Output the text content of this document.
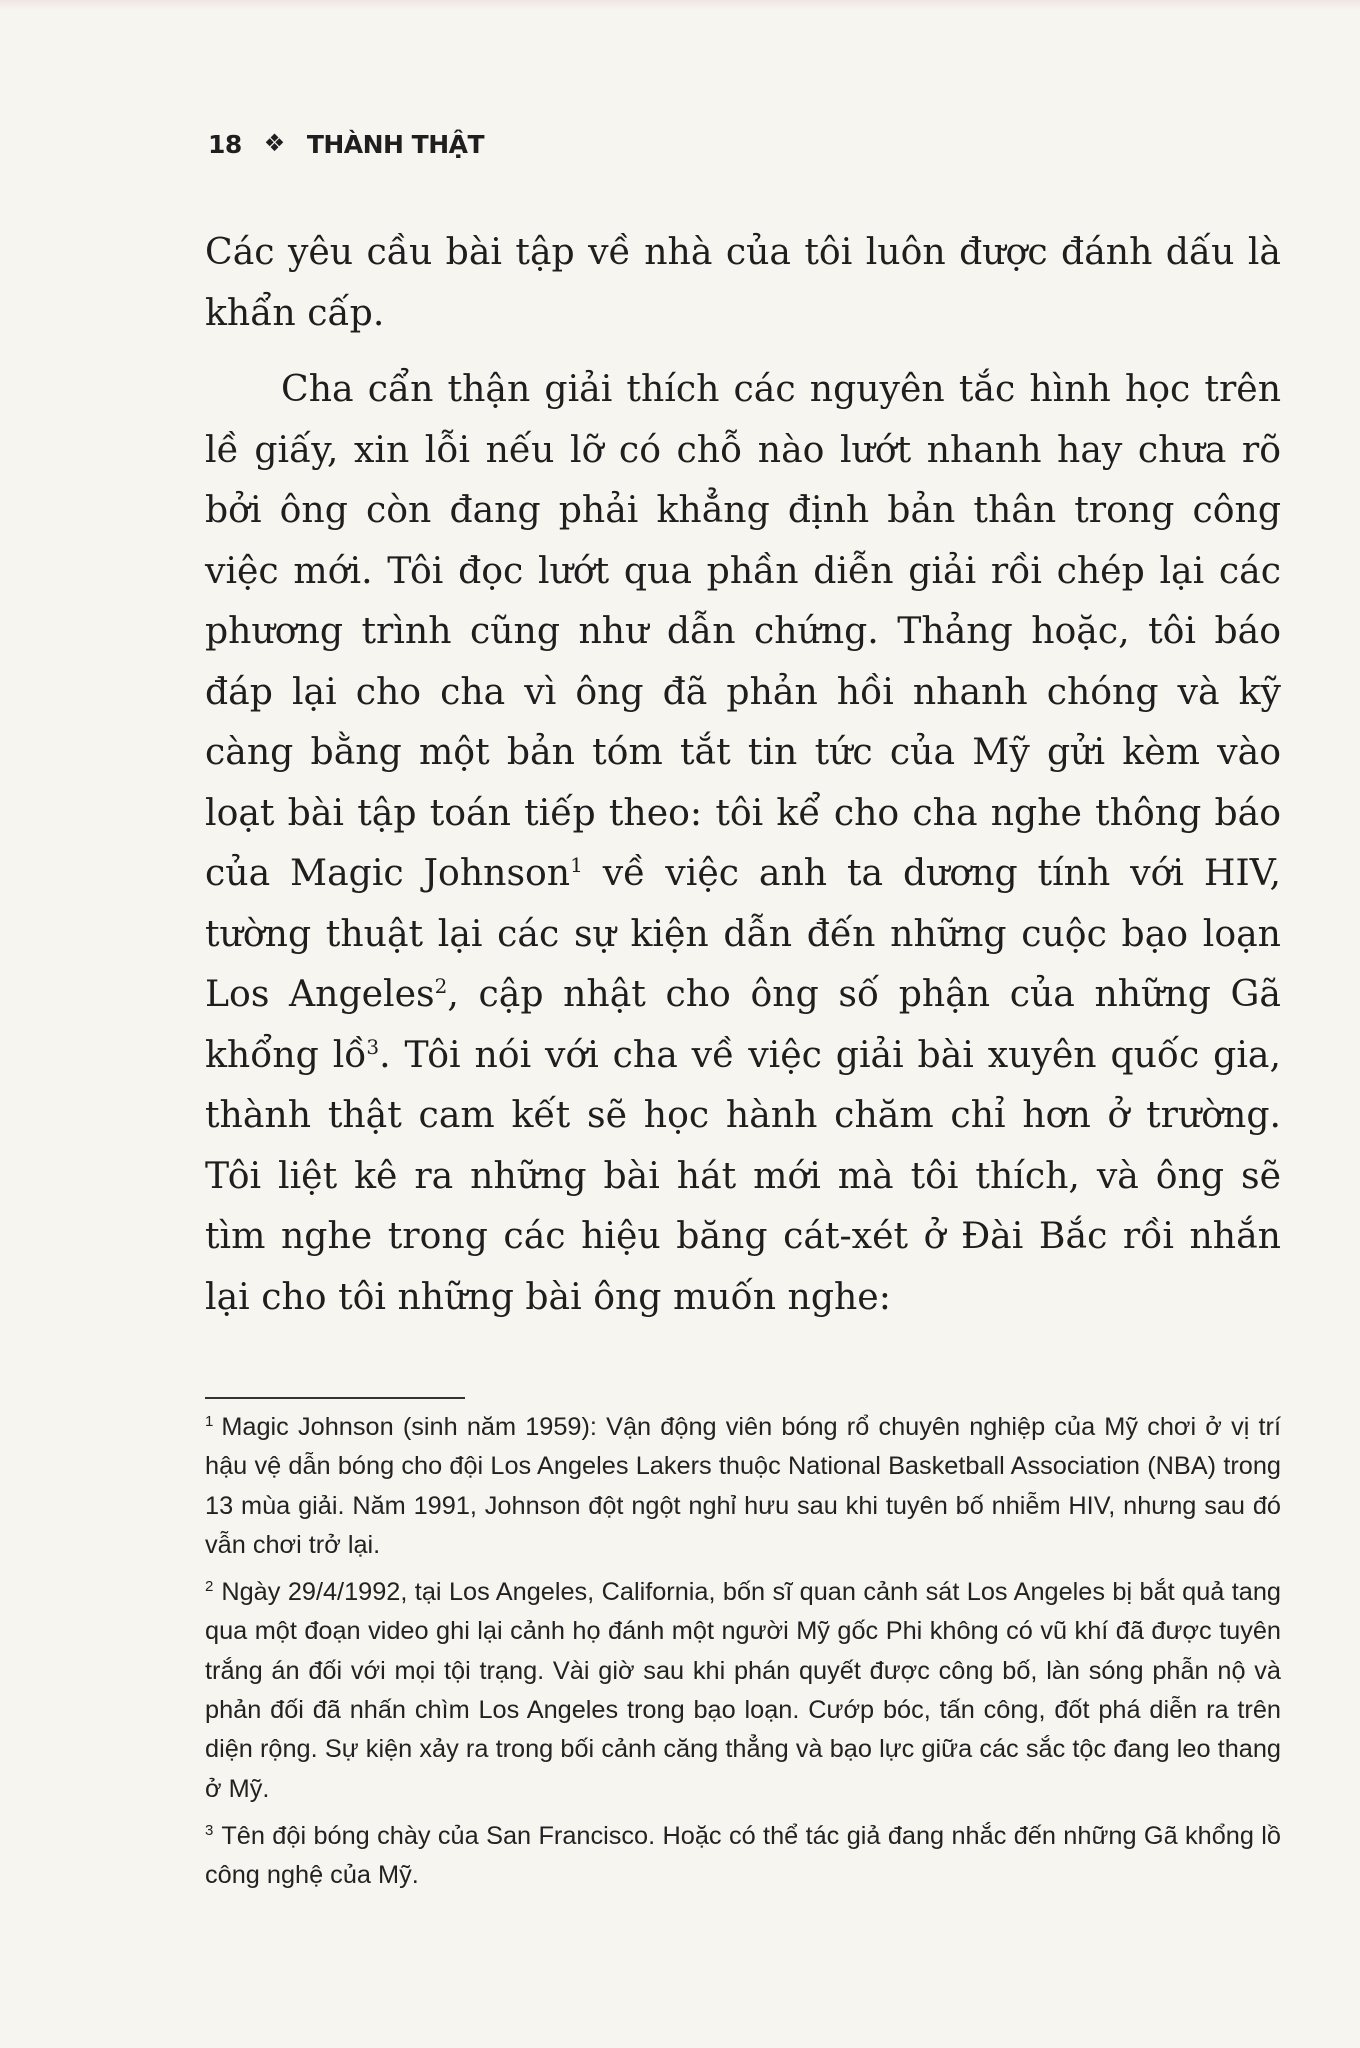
18 ❖ THÀNH THẬT

Các yêu cầu bài tập về nhà của tôi luôn được đánh dấu là khẩn cấp.

Cha cẩn thận giải thích các nguyên tắc hình học trên lề giấy, xin lỗi nếu lỡ có chỗ nào lướt nhanh hay chưa rõ bởi ông còn đang phải khẳng định bản thân trong công việc mới. Tôi đọc lướt qua phần diễn giải rồi chép lại các phương trình cũng như dẫn chứng. Thảng hoặc, tôi báo đáp lại cho cha vì ông đã phản hồi nhanh chóng và kỹ càng bằng một bản tóm tắt tin tức của Mỹ gửi kèm vào loạt bài tập toán tiếp theo: tôi kể cho cha nghe thông báo của Magic Johnson$^1$ về việc anh ta dương tính với HIV, tường thuật lại các sự kiện dẫn đến những cuộc bạo loạn Los Angeles$^2$, cập nhật cho ông số phận của những Gã khổng lồ$^3$. Tôi nói với cha về việc giải bài xuyên quốc gia, thành thật cam kết sẽ học hành chăm chỉ hơn ở trường. Tôi liệt kê ra những bài hát mới mà tôi thích, và ông sẽ tìm nghe trong các hiệu băng cát-xét ở Đài Bắc rồi nhắn lại cho tôi những bài ông muốn nghe:

$^1$ Magic Johnson (sinh năm 1959): Vận động viên bóng rổ chuyên nghiệp của Mỹ chơi ở vị trí hậu vệ dẫn bóng cho đội Los Angeles Lakers thuộc National Basketball Association (NBA) trong 13 mùa giải. Năm 1991, Johnson đột ngột nghỉ hưu sau khi tuyên bố nhiễm HIV, nhưng sau đó vẫn chơi trở lại.

$^2$ Ngày 29/4/1992, tại Los Angeles, California, bốn sĩ quan cảnh sát Los Angeles bị bắt quả tang qua một đoạn video ghi lại cảnh họ đánh một người Mỹ gốc Phi không có vũ khí đã được tuyên trắng án đối với mọi tội trạng. Vài giờ sau khi phán quyết được công bố, làn sóng phẫn nộ và phản đối đã nhấn chìm Los Angeles trong bạo loạn. Cướp bóc, tấn công, đốt phá diễn ra trên diện rộng. Sự kiện xảy ra trong bối cảnh căng thẳng và bạo lực giữa các sắc tộc đang leo thang ở Mỹ.

$^3$ Tên đội bóng chày của San Francisco. Hoặc có thể tác giả đang nhắc đến những Gã khổng lồ công nghệ của Mỹ.
